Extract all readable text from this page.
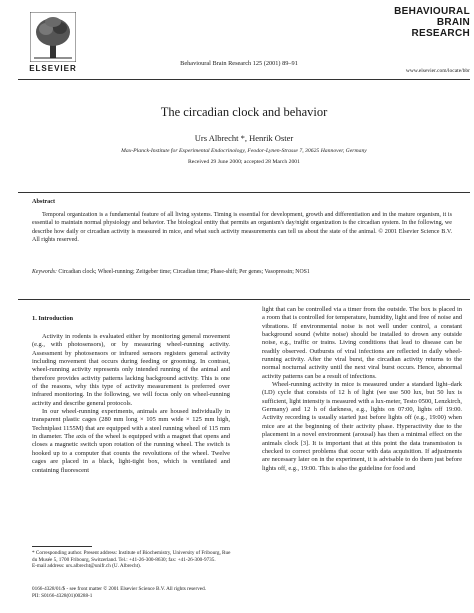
ELSEVIER
Behavioural Brain Research 125 (2001) 89–91
BEHAVIOURAL
BRAIN
RESEARCH
www.elsevier.com/locate/bbr
The circadian clock and behavior
Urs Albrecht *, Henrik Oster
Max-Planck-Institute for Experimental Endocrinology, Feodor-Lynen-Strasse 7, 30625 Hannover, Germany
Received 29 June 2000; accepted 28 March 2001
Abstract
Temporal organization is a fundamental feature of all living systems. Timing is essential for development, growth and differentiation and in the mature organism, it is essential to maintain normal physiology and behavior. The biological entity that permits an organism's day/night organization is the circadian system. In the following, we describe how daily or circadian activity is measured in mice, and what such activity measurements can tell us about the state of the animal. © 2001 Elsevier Science B.V. All rights reserved.
Keywords: Circadian clock; Wheel-running; Zeitgeber time; Circadian time; Phase-shift; Per genes; Vasopressin; NOS1
1. Introduction

Activity in rodents is evaluated either by monitoring general movement (e.g., with photosensors), or by measuring wheel-running activity. Assessment by photosensors or infrared sensors registers general activity including movement that occurs during feeding or grooming. In contrast, wheel-running activity represents only intended running of the animal and therefore provides activity patterns lacking background activity. This is one of the reasons, why this type of activity measurement is preferred over infrared monitoring. In the following, we will focus only on wheel-running activity and describe general protocols.

In our wheel-running experiments, animals are housed individually in transparent plastic cages (280 mm long × 105 mm wide × 125 mm high, Techniplast 1155M) that are equipped with a steel running wheel of 115 mm in diameter. The axis of the wheel is equipped with a magnet that opens and closes a magnetic switch upon rotation of the running wheel. The switch is hooked up to a computer that counts the revolutions of the wheel. Twelve cages are placed in a black, light-tight box, which is ventilated and containing fluorescent

light that can be controlled via a timer from the outside. The box is placed in a room that is controlled for temperature, humidity, light and free of noise and vibrations. If environmental noise is not well under control, a constant background sound (white noise) should be installed to drown any outside noise, e.g., traffic or trains. Living conditions that lead to disease can be readily observed. Outbursts of viral infections are reflected in daily wheel-running activity. After the viral burst, the circadian activity returns to the normal nocturnal activity until the next viral burst occurs. Hence, abnormal activity patterns can be a result of infections.

Wheel-running activity in mice is measured under a standard light–dark (LD) cycle that consists of 12 h of light (we use 500 lux, but 50 lux is sufficient, light intensity is measured with a lux-meter, Testo 0500, Lenzkirch, Germany) and 12 h of darkness, e.g., lights on 07:00, lights off 19:00. Activity recording is usually started just before lights off (e.g., 19:00) when mice are at the beginning of their activity phase. Hyperactivity due to the placement in a novel environment (arousal) has then a minimal effect on the animals clock [3]. It is important that at this point the data transmission is checked to correct problems that occur with data acquisition. If adjustments are necessary later on in the experiment, it is advisable to do them just before lights off, e.g., 19:00. This is also the guideline for food and

* Corresponding author. Present address: Institute of Biochemistry, University of Fribourg, Rue du Musée 5, 1700 Fribourg, Switzerland. Tel.: +41-26-300-8630; fax: +41-26-300-9735.
E-mail address: urs.albrecht@unifr.ch (U. Albrecht).
0166-4328/01/$ - see front matter © 2001 Elsevier Science B.V. All rights reserved.
PII: S0166-4328(01)00288-1
